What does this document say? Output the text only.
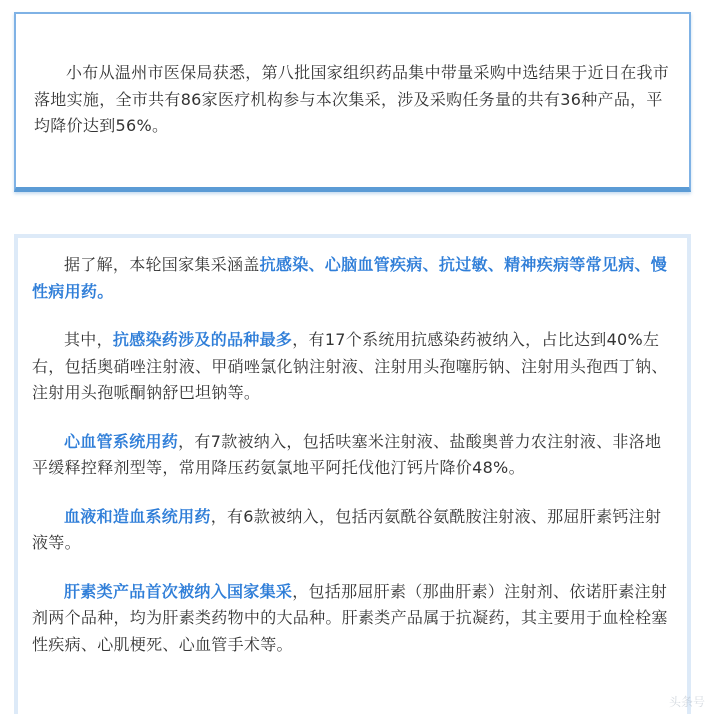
小布从温州市医保局获悉，第八批国家组织药品集中带量采购中选结果于近日在我市落地实施，全市共有86家医疗机构参与本次集采，涉及采购任务量的共有36种产品，平均降价达到56%。

据了解，本轮国家集采涵盖抗感染、心脑血管疾病、抗过敏、精神疾病等常见病、慢性病用药。

其中，抗感染药涉及的品种最多，有17个系统用抗感染药被纳入，占比达到40%左右，包括奥硝唑注射液、甲硝唑氯化钠注射液、注射用头孢噻肟钠、注射用头孢西丁钠、注射用头孢哌酮钠舒巴坦钠等。

心血管系统用药，有7款被纳入，包括呋塞米注射液、盐酸奥普力农注射液、非洛地平缓释控释剂型等，常用降压药氨氯地平阿托伐他汀钙片降价48%。

血液和造血系统用药，有6款被纳入，包括丙氨酰谷氨酰胺注射液、那屈肝素钙注射液等。

肝素类产品首次被纳入国家集采，包括那屈肝素（那曲肝素）注射剂、依诺肝素注射剂两个品种，均为肝素类药物中的大品种。肝素类产品属于抗凝药，其主要用于血栓栓塞性疾病、心肌梗死、心血管手术等。

头条号
